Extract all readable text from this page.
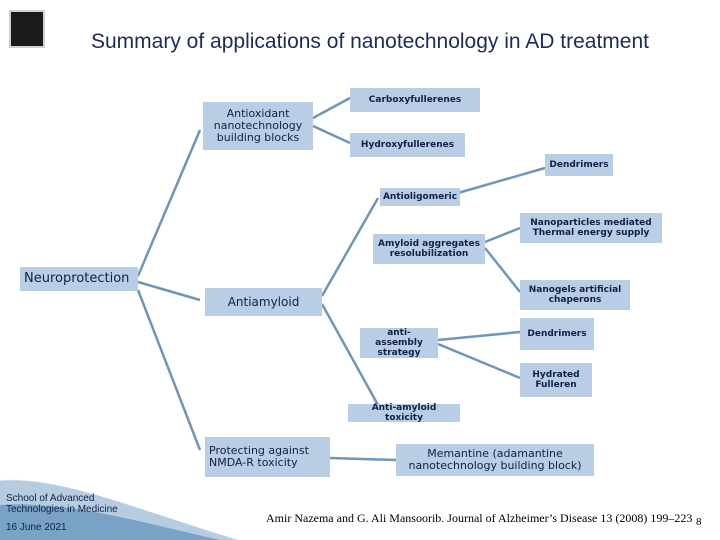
Summary of applications of nanotechnology in AD treatment
Antioxidant nanotechnology building blocks
Carboxyfullerenes
Hydroxyfullerenes
Dendrimers
Antioligomeric
Amyloid aggregates resolubilization
Nanoparticles mediated Thermal energy supply
Neuroprotection
Antiamyloid
Nanogels artificial chaperons
anti-assembly strategy
Dendrimers
Hydrated Fulleren
Anti-amyloid toxicity
Protecting against NMDA-R toxicity
Memantine (adamantine nanotechnology building block)
School of Advanced Technologies in Medicine
16 June 2021
Amir Nazema and G. Ali Mansoorib. Journal of Alzheimer’s Disease 13 (2008) 199–223 8
